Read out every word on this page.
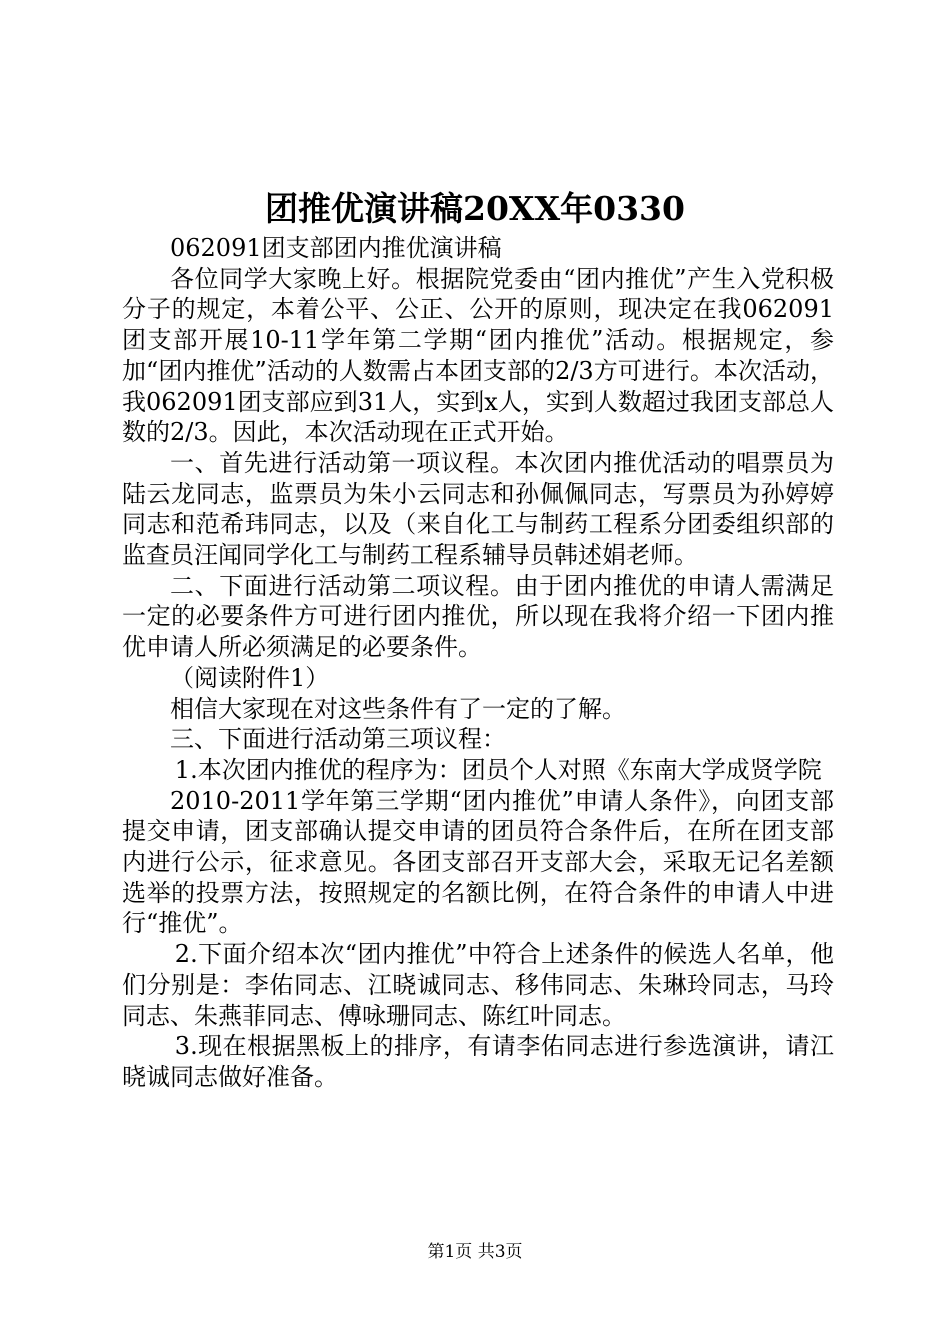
团推优演讲稿20XX年0330

062091团支部团内推优演讲稿

各位同学大家晚上好。根据院党委由“团内推优”产生入党积极分子的规定，本着公平、公正、公开的原则，现决定在我062091团支部开展10-11学年第二学期“团内推优”活动。根据规定，参加“团内推优”活动的人数需占本团支部的2/3方可进行。本次活动，我062091团支部应到31人，实到x人，实到人数超过我团支部总人数的2/3。因此，本次活动现在正式开始。

一、首先进行活动第一项议程。本次团内推优活动的唱票员为陆云龙同志，监票员为朱小云同志和孙佩佩同志，写票员为孙婷婷同志和范希玮同志，以及（来自化工与制药工程系分团委组织部的监查员汪闻同学化工与制药工程系辅导员韩述娟老师。

二、下面进行活动第二项议程。由于团内推优的申请人需满足一定的必要条件方可进行团内推优，所以现在我将介绍一下团内推优申请人所必须满足的必要条件。

（阅读附件1）

相信大家现在对这些条件有了一定的了解。

三、下面进行活动第三项议程：

1.本次团内推优的程序为：团员个人对照《东南大学成贤学院

2010-2011学年第三学期“团内推优”申请人条件》，向团支部提交申请，团支部确认提交申请的团员符合条件后，在所在团支部内进行公示，征求意见。各团支部召开支部大会，采取无记名差额选举的投票方法，按照规定的名额比例，在符合条件的申请人中进行“推优”。

2.下面介绍本次“团内推优”中符合上述条件的候选人名单，他们分别是：李佑同志、江晓诚同志、移伟同志、朱琳玲同志，马玲同志、朱燕菲同志、傅咏珊同志、陈红叶同志。

3.现在根据黑板上的排序，有请李佑同志进行参选演讲，请江晓诚同志做好准备。

第1页 共3页
